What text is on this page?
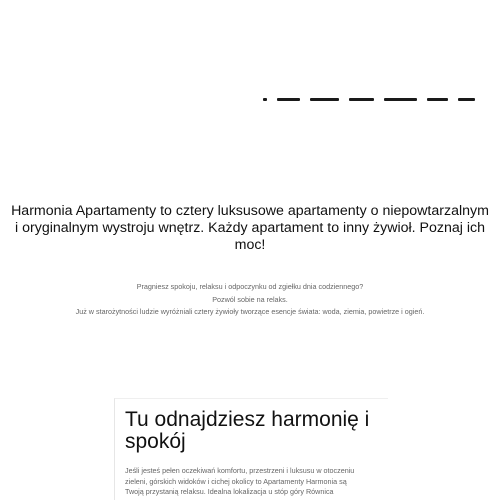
Harmonia Apartamenty to cztery luksusowe apartamenty o niepowtarzalnym
i oryginalnym wystroju wnętrz. Każdy apartament to inny żywioł. Poznaj ich
moc!
Pragniesz spokoju, relaksu i odpoczynku od zgiełku dnia codziennego?
Pozwól sobie na relaks.
Już w starożytności ludzie wyróżniali cztery żywioły tworzące esencje świata: woda, ziemia, powietrze i ogień.
Tu odnajdziesz harmonię i
spokój
Jeśli jesteś pełen oczekiwań komfortu, przestrzeni i luksusu w otoczeniu
zieleni, górskich widoków i cichej okolicy to Apartamenty Harmonia są
Twoją przystanią relaksu. Idealna lokalizacja u stóp góry Równica
